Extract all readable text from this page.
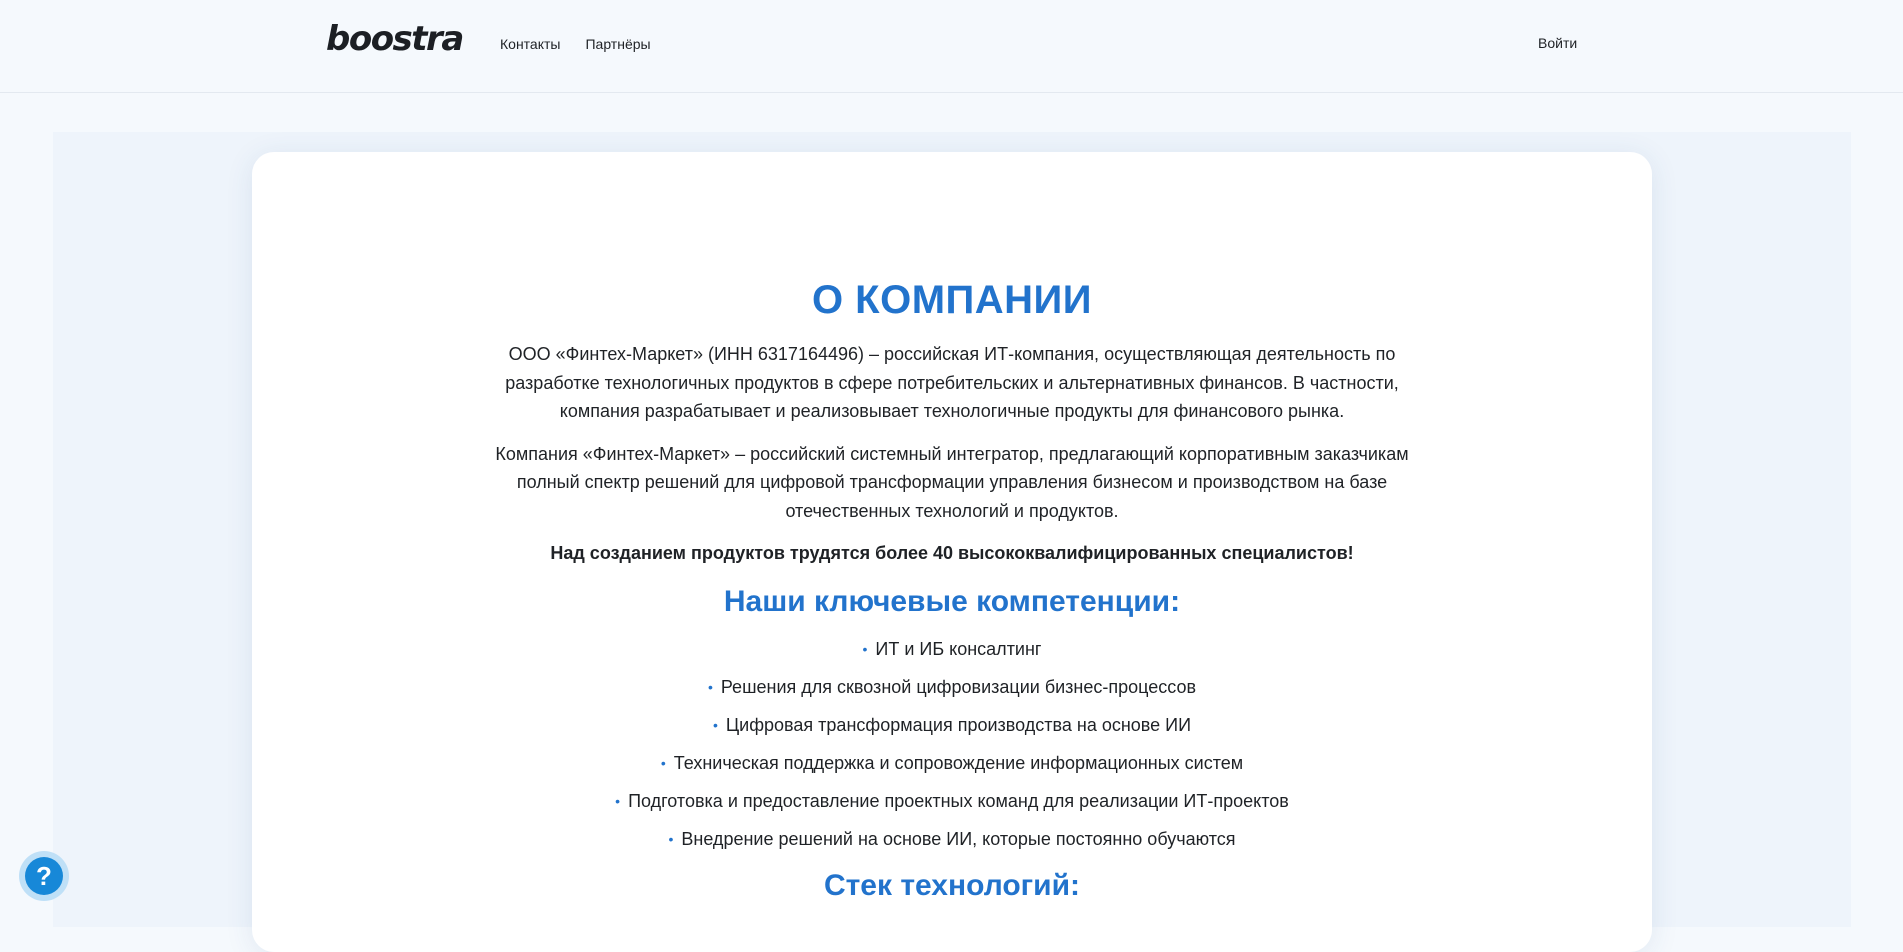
boostra	Контакты Партнёры	Войти
О КОМПАНИИ

ООО «Финтех-Маркет» (ИНН 6317164496) – российская ИТ-компания, осуществляющая деятельность по разработке технологичных продуктов в сфере потребительских и альтернативных финансов. В частности, компания разрабатывает и реализовывает технологичные продукты для финансового рынка.

Компания «Финтех-Маркет» – российский системный интегратор, предлагающий корпоративным заказчикам полный спектр решений для цифровой трансформации управления бизнесом и производством на базе отечественных технологий и продуктов.

Над созданием продуктов трудятся более 40 высококвалифицированных специалистов!

Наши ключевые компетенции:
• ИТ и ИБ консалтинг
• Решения для сквозной цифровизации бизнес-процессов
• Цифровая трансформация производства на основе ИИ
• Техническая поддержка и сопровождение информационных систем
• Подготовка и предоставление проектных команд для реализации ИТ-проектов
• Внедрение решений на основе ИИ, которые постоянно обучаются
Стек технологий:
?
